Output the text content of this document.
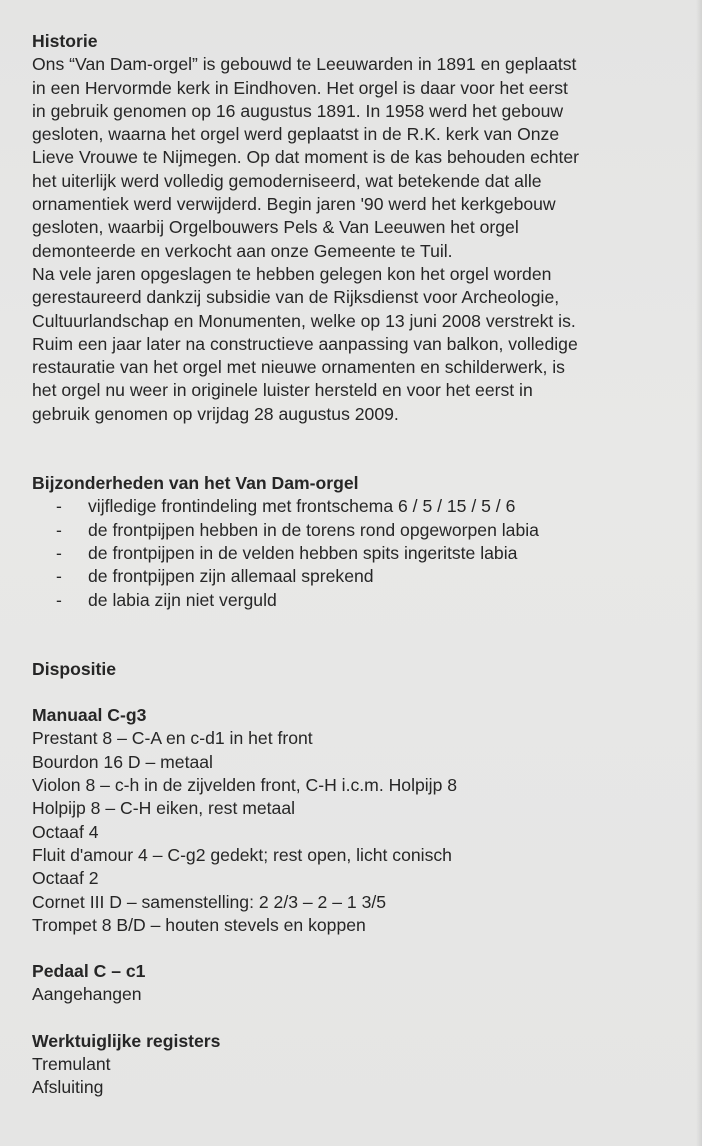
Historie
Ons “Van Dam-orgel” is gebouwd te Leeuwarden in 1891 en geplaatst
in een Hervormde kerk in Eindhoven. Het orgel is daar voor het eerst
in gebruik genomen op 16 augustus 1891. In 1958 werd het gebouw
gesloten, waarna het orgel werd geplaatst in de R.K. kerk van Onze
Lieve Vrouwe te Nijmegen. Op dat moment is de kas behouden echter
het uiterlijk werd volledig gemoderniseerd, wat betekende dat alle
ornamentiek werd verwijderd. Begin jaren '90 werd het kerkgebouw
gesloten, waarbij Orgelbouwers Pels & Van Leeuwen het orgel
demonteerde en verkocht aan onze Gemeente te Tuil.
Na vele jaren opgeslagen te hebben gelegen kon het orgel worden
gerestaureerd dankzij subsidie van de Rijksdienst voor Archeologie,
Cultuurlandschap en Monumenten, welke op 13 juni 2008 verstrekt is.
Ruim een jaar later na constructieve aanpassing van balkon, volledige
restauratie van het orgel met nieuwe ornamenten en schilderwerk, is
het orgel nu weer in originele luister hersteld en voor het eerst in
gebruik genomen op vrijdag 28 augustus 2009.
Bijzonderheden van het Van Dam-orgel
- vijfledige frontindeling met frontschema 6 / 5 / 15 / 5 / 6
- de frontpijpen hebben in de torens rond opgeworpen labia
- de frontpijpen in de velden hebben spits ingeritste labia
- de frontpijpen zijn allemaal sprekend
- de labia zijn niet verguld
Dispositie
Manuaal C-g3
Prestant 8 – C-A en c-d1 in het front
Bourdon 16 D – metaal
Violon 8 – c-h in de zijvelden front, C-H i.c.m. Holpijp 8
Holpijp 8 – C-H eiken, rest metaal
Octaaf 4
Fluit d'amour 4 – C-g2 gedekt; rest open, licht conisch
Octaaf 2
Cornet III D – samenstelling: 2 2/3 – 2 – 1 3/5
Trompet 8 B/D – houten stevels en koppen
Pedaal C – c1
Aangehangen
Werktuiglijke registers
Tremulant
Afsluiting
